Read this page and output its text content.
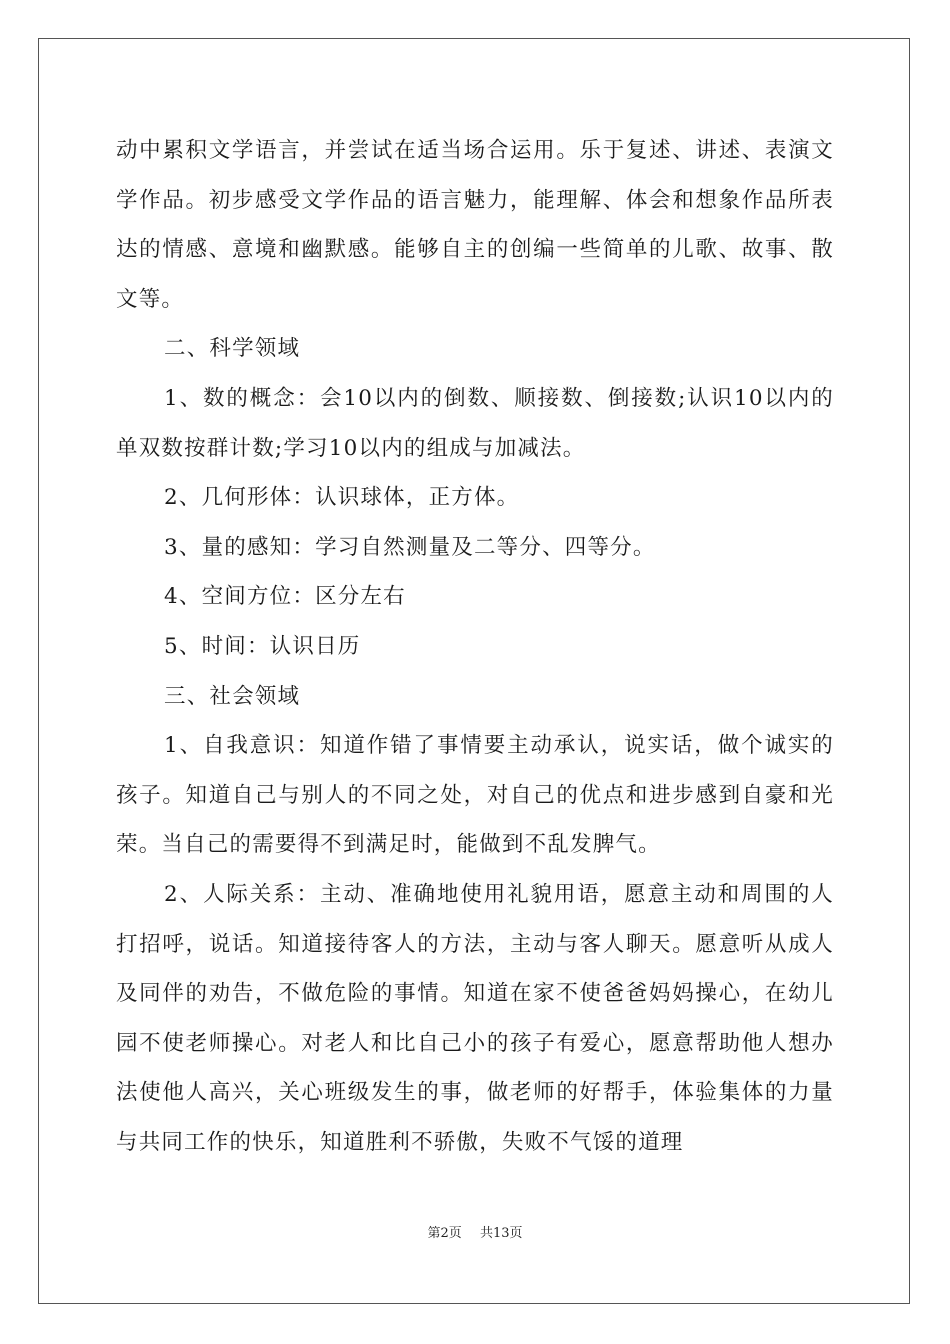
动中累积文学语言，并尝试在适当场合运用。乐于复述、讲述、表演文学作品。初步感受文学作品的语言魅力，能理解、体会和想象作品所表达的情感、意境和幽默感。能够自主的创编一些简单的儿歌、故事、散文等。

二、科学领域

1、数的概念：会10以内的倒数、顺接数、倒接数;认识10以内的单双数按群计数;学习10以内的组成与加减法。

2、几何形体：认识球体，正方体。

3、量的感知：学习自然测量及二等分、四等分。

4、空间方位：区分左右

5、时间：认识日历

三、社会领域

1、自我意识：知道作错了事情要主动承认，说实话，做个诚实的孩子。知道自己与别人的不同之处，对自己的优点和进步感到自豪和光荣。当自己的需要得不到满足时，能做到不乱发脾气。

2、人际关系：主动、准确地使用礼貌用语，愿意主动和周围的人打招呼，说话。知道接待客人的方法，主动与客人聊天。愿意听从成人及同伴的劝告，不做危险的事情。知道在家不使爸爸妈妈操心，在幼儿园不使老师操心。对老人和比自己小的孩子有爱心，愿意帮助他人想办法使他人高兴，关心班级发生的事，做老师的好帮手，体验集体的力量与共同工作的快乐，知道胜利不骄傲，失败不气馁的道理

第2页 共13页
